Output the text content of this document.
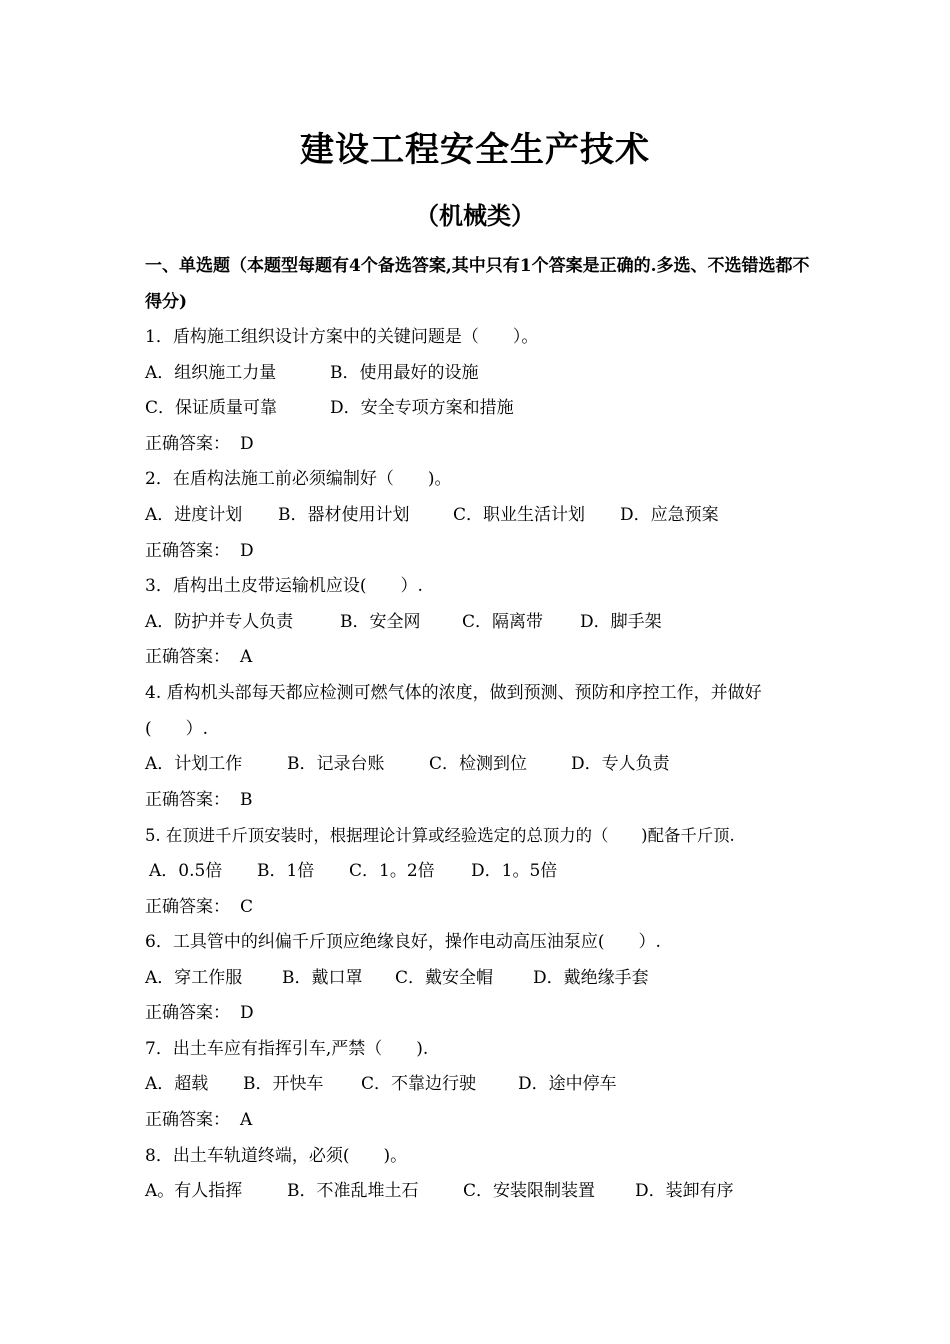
建设工程安全生产技术
（机械类）
一、单选题（本题型每题有4个备选答案,其中只有1个答案是正确的.多选、不选错选都不得分)
1．盾构施工组织设计方案中的关键问题是（　　）。
A．组织施工力量	B．使用最好的设施
C．保证质量可靠	D．安全专项方案和措施
正确答案： D
2．在盾构法施工前必须编制好（　　)。
A．进度计划 B．器材使用计划	C．职业生活计划 D．应急预案
正确答案： D
3．盾构出土皮带运输机应设(　　）.
A．防护并专人负责	B．安全网 C．隔离带 D．脚手架
正确答案： A
4. 盾构机头部每天都应检测可燃气体的浓度，做到预测、预防和序控工作，并做好(　　）.
A．计划工作	B．记录台账	C．检测到位	D．专人负责
正确答案： B
5. 在顶进千斤顶安装时，根据理论计算或经验选定的总顶力的（　　)配备千斤顶.
A．0.5倍 B．1倍 C．1。2倍 D．1。5倍
正确答案： C
6．工具管中的纠偏千斤顶应绝缘良好，操作电动高压油泵应(　　）.
A．穿工作服 B．戴口罩 C．戴安全帽 D．戴绝缘手套
正确答案： D
7．出土车应有指挥引车,严禁（　　).
A．超载 B．开快车 C．不靠边行驶 D．途中停车
正确答案： A
8．出土车轨道终端，必须(　　)。
A。有人指挥	B．不准乱堆土石	C．安装限制装置 D．装卸有序
